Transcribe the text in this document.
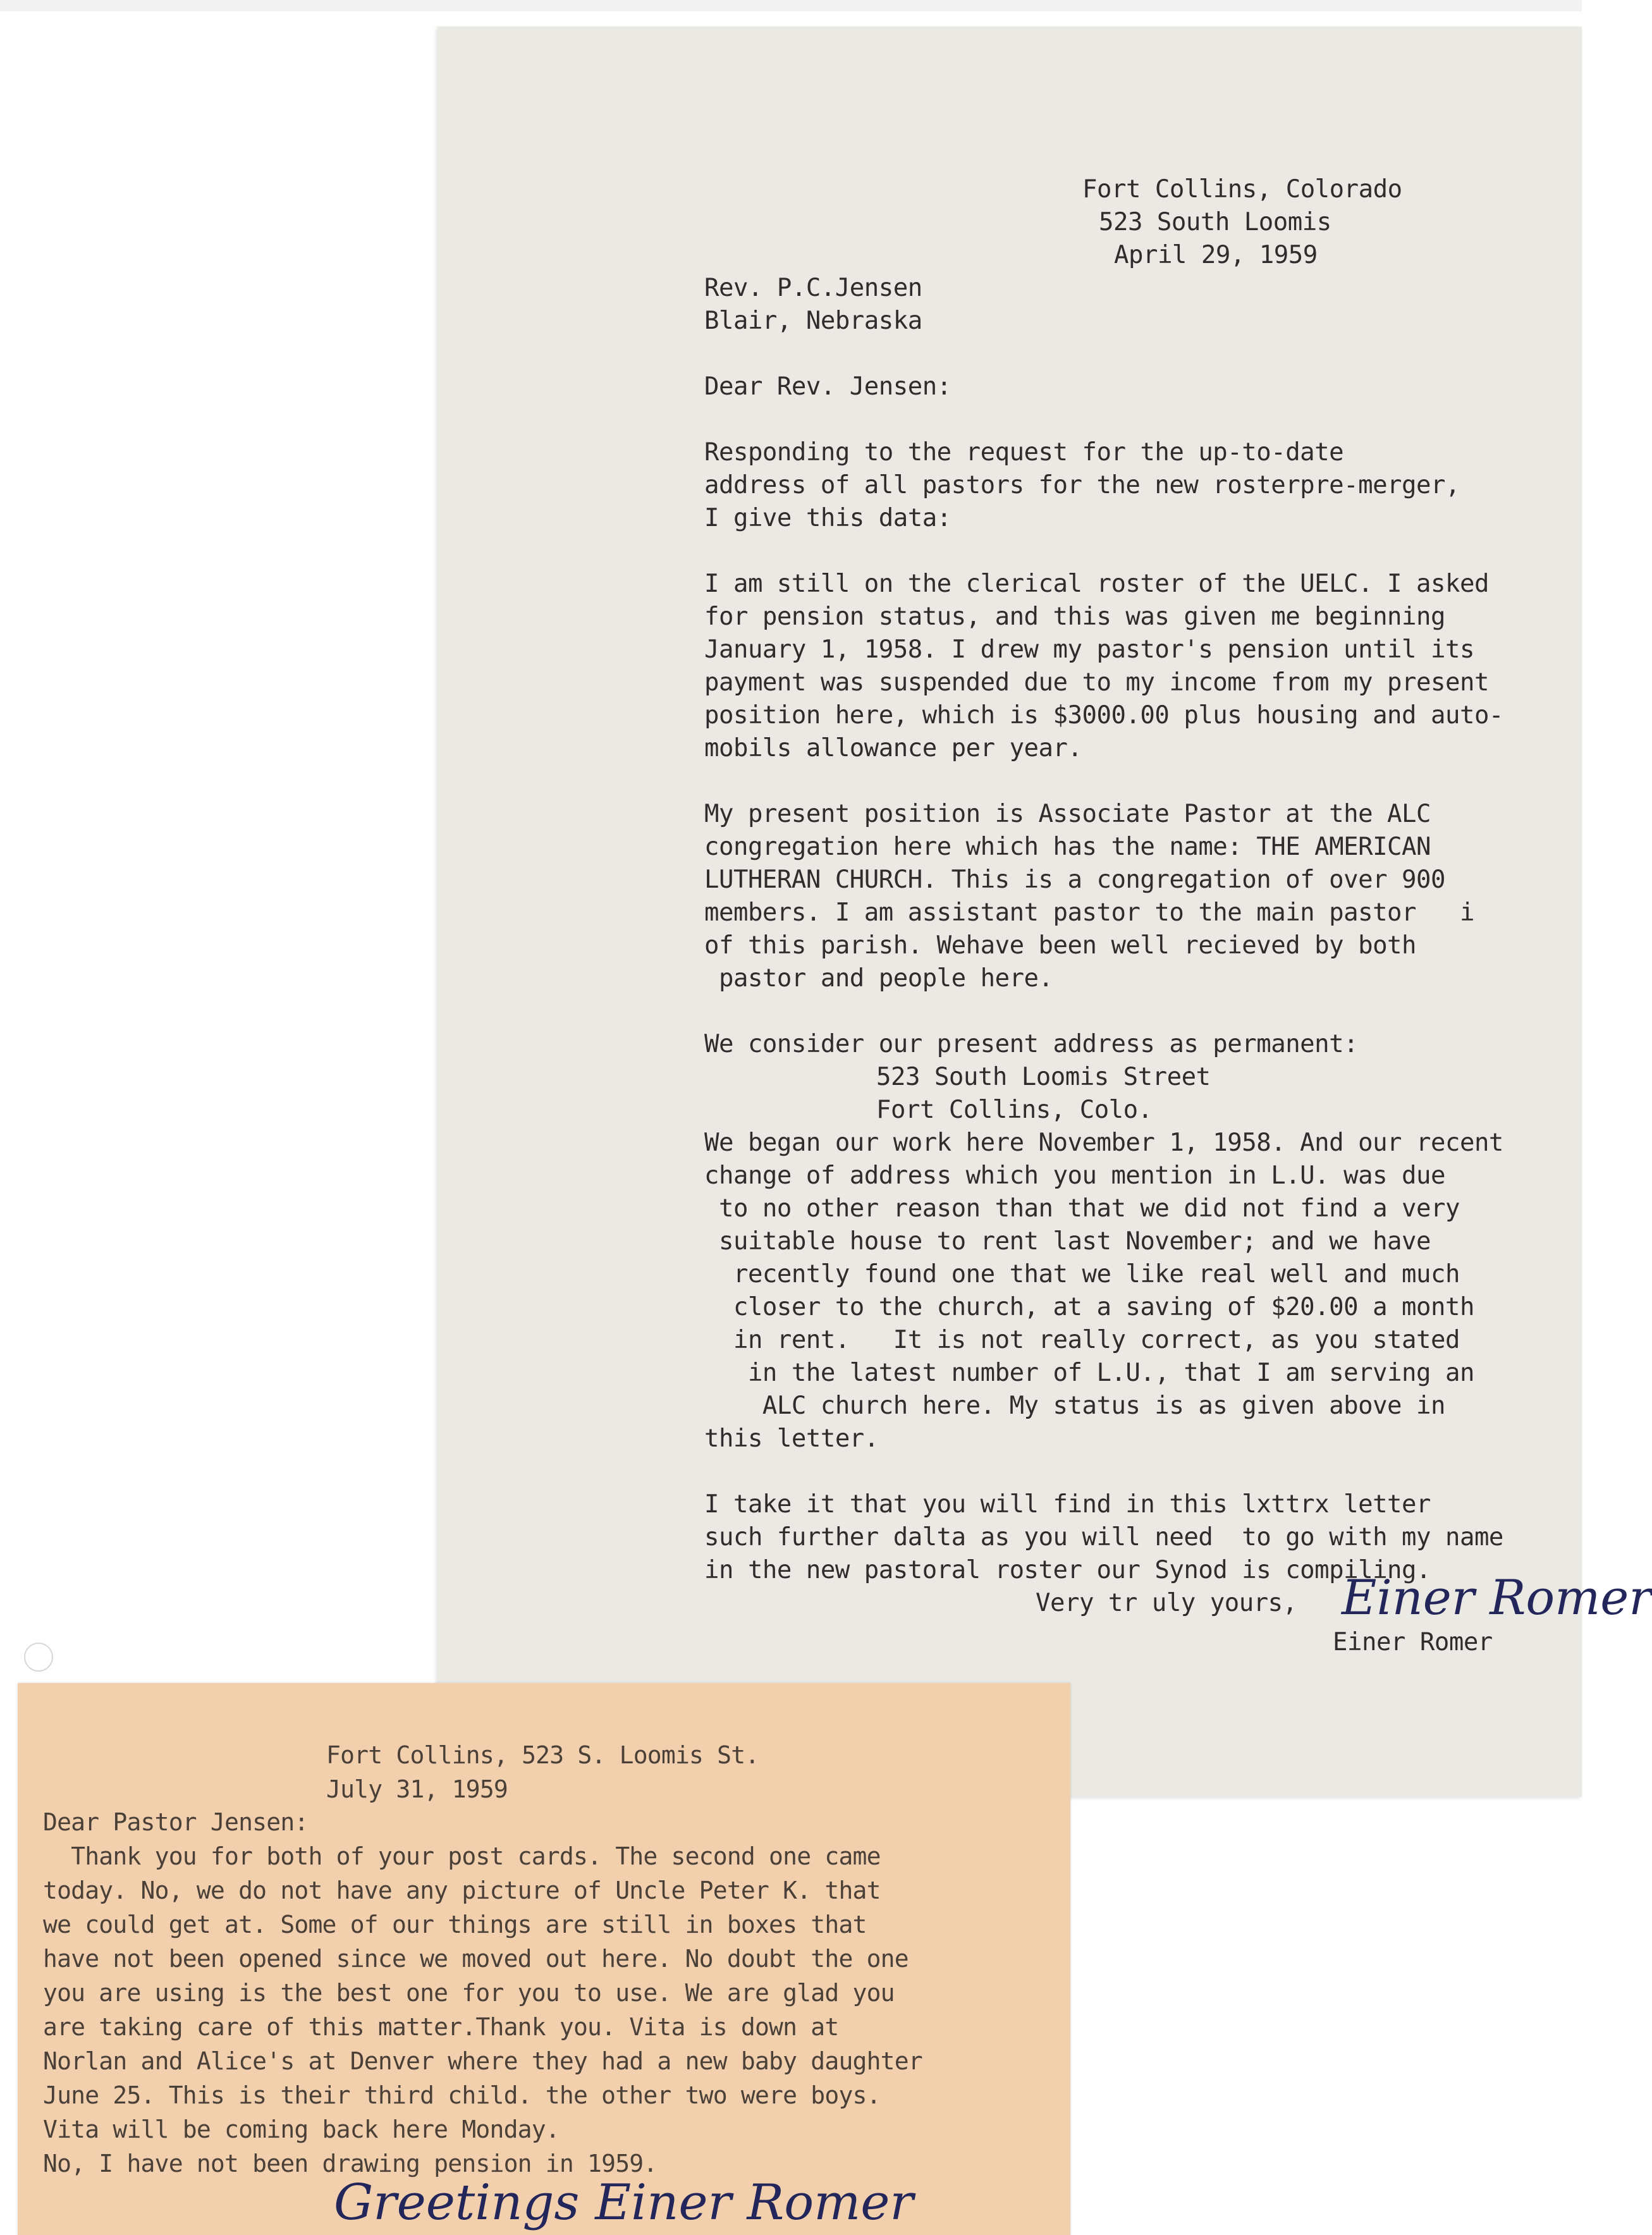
Fort Collins, Colorado
523 South Loomis
April 29, 1959
Rev. P.C.Jensen
Blair, Nebraska
Dear Rev. Jensen:
Responding to the request for the up-to-date
address of all pastors for the new rosterpre-merger,
I give this data:
I am still on the clerical roster of the UELC. I asked
for pension status, and this was given me beginning
January 1, 1958. I drew my pastor's pension until its
payment was suspended due to my income from my present
position here, which is $3000.00 plus housing and auto-
mobils allowance per year.
My present position is Associate Pastor at the ALC
congregation here which has the name: THE AMERICAN
LUTHERAN CHURCH. This is a congregation of over 900
members. I am assistant pastor to the main pastor   i
of this parish. Wehave been well recieved by both
pastor and people here.
We consider our present address as permanent:
523 South Loomis Street
Fort Collins, Colo.
We began our work here November 1, 1958. And our recent
change of address which you mention in L.U. was due
to no other reason than that we did not find a very
suitable house to rent last November; and we have
recently found one that we like real well and much
closer to the church, at a saving of $20.00 a month
in rent.   It is not really correct, as you stated
in the latest number of L.U., that I am serving an
ALC church here. My status is as given above in
this letter.
I take it that you will find in this lxttrx letter
such further dalta as you will need  to go with my name
in the new pastoral roster our Synod is compiling.
Very tr uly yours, Einer Romer
Einer Romer
Fort Collins, 523 S. Loomis St.
July 31, 1959
Dear Pastor Jensen:
Thank you for both of your post cards. The second one came
today. No, we do not have any picture of Uncle Peter K. that
we could get at. Some of our things are still in boxes that
have not been opened since we moved out here. No doubt the one
you are using is the best one for you to use. We are glad you
are taking care of this matter.Thank you. Vita is down at
Norlan and Alice's at Denver where they had a new baby daughter
June 25. This is their third child. the other two were boys.
Vita will be coming back here Monday.
No, I have not been drawing pension in 1959.
Greetings Einer Romer
